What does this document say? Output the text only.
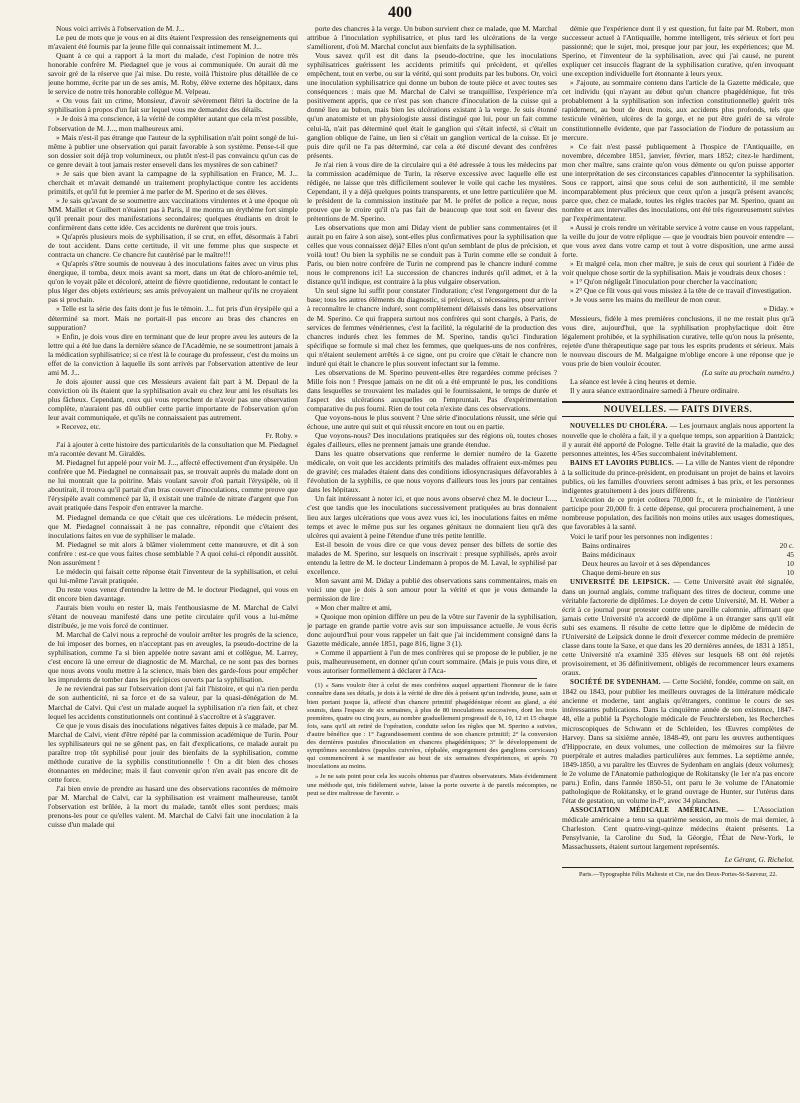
400

Nous voici arrivés à l'observation de M. J...

Le peu de mots que je vous en ai dits étaient l'expression des renseignements qui m'avaient été fournis par la jeune fille qui connaissait intimement M. J...

Quant à ce qui a rapport à la mort du malade, c'est l'opinion de notre très honorable confrère M. Piedagnel que je vous ai communiquée. On aurait dû me savoir gré de la réserve que j'ai mise. Du reste, voilà l'histoire plus détaillée de ce jeune homme, écrite par un de ses amis, M. Roby, élève externe des hôpitaux, dans le service de notre très honorable collègue M. Velpeau.

« On vous fait un crime, Monsieur, d'avoir sévèrement flétri la doctrine de la syphilisation à propos d'un fait sur lequel vous me demandez des détails.

» Je dois à ma conscience, à la vérité de compléter autant que cela m'est possible, l'observation de M. J..., mon malheureux ami.

» Mais n'est-il pas étrange que l'auteur de la syphilisation n'ait point songé de lui-même à publier une observation qui parait favorable à son système. Pense-t-il que son dossier soit déjà trop volumineux, ou plutôt n'est-il pas convaincu qu'un cas de ce genre devait à tout jamais rester enseveli dans les mystères de son cabinet?

» Je sais que bien avant la campagne de la syphilisation en France, M. J... cherchait et m'avait demandé un traitement prophylactique contre les accidents primitifs, et qu'il fut le premier à me parler de M. Sperino et de ses élèves.

» Je sais qu'avant de se soumettre aux vaccinations virulentes et à une époque où MM. Maillet et Guilbert n'étaient pas à Paris, il me montra un érythème fort simple qu'il prenait pour des manifestations secondaires; quelques étudiants en droit le confirmèrent dans cette idée. Ces accidents ne durèrent que trois jours.

» Qu'après plusieurs mois de syphilisation, il se crut, en effet, désormais à l'abri de tout accident. Dans cette certitude, il vit une femme plus que suspecte et contracta un chancre. Ce chancre fut cautérisé par le maître!!!

« Qu'après s'être soumis de nouveau à des inoculations faites avec un virus plus énergique, il tomba, deux mois avant sa mort, dans un état de chloro-anémie tel, qu'on le voyait pâle et décoloré, atteint de fièvre quotidienne, redoutant le contact le plus léger des objets extérieurs; ses amis prévoyaient un malheur qu'ils ne croyaient pas si prochain.

» Telle est la série des faits dont je fus le témoin. J... fut pris d'un érysipèle qui a déterminé sa mort. Mais ne portait-il pas encore au bras des chancres en suppuration?

» Enfin, je dois vous dire en terminant que de leur propre aveu les auteurs de la lettre qui a été lue dans la dernière séance de l'Académie, ne se soumettront jamais à la médication syphilisatrice; si ce n'est là le courage du professeur, c'est du moins un effet de la conviction à laquelle ils sont arrivés par l'observation attentive de leur ami M. J...

Je dois ajouter aussi que ces Messieurs avaient fait part à M. Depaul de la conviction où ils étaient que la syphilisation avait eu chez leur ami les résultats les plus fâcheux. Cependant, ceux qui vous reprochent de n'avoir pas une observation complète, n'auraient pas dû oublier cette partie importante de l'observation qu'on leur avait communiquée, et qu'ils ne connaissaient pas autrement.

» Recevez, etc.

Fr. Roby. »

J'ai à ajouter à cette histoire des particularités de la consultation que M. Piedagnel m'a racontée devant M. Giraldès.

M. Piedagnel fut appelé pour voir M. J..., affecté effectivement d'un érysipèle. Un confrère que M. Piedagnel ne connaissait pas, se trouvait auprès du malade dont on ne lui montrait que la poitrine. Mais voulant savoir d'où partait l'érysipèle, où il aboutirait, il trouva qu'il partait d'un bras couvert d'inoculations, comme preuve que l'érysipèle avait commencé par là, il existait une traînée de nitrate d'argent que l'on avait pratiquée dans l'espoir d'en entraver la marche.

M. Piedagnel demanda ce que c'était que ces ulcérations. Le médecin présent, que M. Piedagnel connaissait à ne pas connaître, répondit que c'étaient des inoculations faites en vue de syphiliser le malade.

M. Piedagnel se mit alors à blâmer violemment cette manœuvre, et dit à son confrère : est-ce que vous faites chose semblable ? A quoi celui-ci répondit aussitôt. Non assurément !

Le médecin qui faisait cette réponse était l'inventeur de la syphilisation, et celui qui lui-même l'avait pratiquée.

Du reste vous venez d'entendre la lettre de M. le docteur Piedagnel, qui vous en dit encore bien davantage.

J'aurais bien voulu en rester là, mais l'enthousiasme de M. Marchal de Calvi s'étant de nouveau manifesté dans une petite circulaire qu'il vous a lui-même distribuée, je me vois forcé de continuer.

M. Marchal de Calvi nous a reproché de vouloir arrêter les progrès de la science, de lui imposer des bornes, en n'acceptant pas en aveugles, la pseudo-doctrine de la syphilisation, comme l'a si bien appelée notre savant ami et collègue, M. Larrey, c'est encore là une erreur de diagnostic de M. Marchal, ce ne sont pas des bornes que nous avons voulu mettre à la science, mais bien des garde-fous pour empêcher les imprudents de tomber dans les précipices ouverts par la syphilisation.

Je ne reviendrai pas sur l'observation dont j'ai fait l'histoire, et qui n'a rien perdu de son authenticité, ni sa force et de sa valeur, par la quasi-dénégation de M. Marchal de Calvi. Qui c'est un malade auquel la syphilisation n'a rien fait, et chez lequel les accidents constitutionnels ont continué à s'accroître et à s'aggraver.

Ce que je vous disais des inoculations négatives faites depuis à ce malade, par M. Marchal de Calvi, vient d'être répété par la commission académique de Turin. Pour les syphilisateurs qui ne se gênent pas, en fait d'explications, ce malade aurait pu paraître trop tôt syphilisé pour jouir des bienfaits de la syphilisation, comme méthode curative de la syphilis constitutionnelle ! On a dit bien des choses étonnantes en médecine; mais il faut convenir qu'on n'en avait pas encore dit de cette force.

J'ai bien envie de prendre au hasard une des observations racontées de mémoire par M. Marchal de Calvi, car la syphilisation est vraiment malheureuse, tantôt l'observation est brûlée, à la mort du malade, tantôt elles sont perdues; mais prenons-les pour ce qu'elles valent. M. Marchal de Calvi fait une inoculation à la cuisse d'un malade qui

porte des chancres à la verge. Un bubon survient chez ce malade, que M. Marchal attribue à l'inoculation syphilisatrice, et plus tard les ulcérations de la verge s'améliorent, d'où M. Marchal conclut aux bienfaits de la syphilisation.

Vous savez qu'il est dit dans la pseudo-doctrine, que les inoculations syphilisatrices guérissent les accidents primitifs qui précèdent, et qu'elles empêchent, tout en verbe, ou sur la vérité, qui sont produits par les bubons. Or, voici une inoculation syphilisatrice qui donne un bubon de toute pièce et avec toutes ses conséquences : mais que M. Marchal de Calvi se tranquillise, l'expérience m'a positivement appris, que ce n'est pas son chancre d'inoculation de la cuisse qui a donné lieu au bubon, mais bien les ulcérations existant à la verge. Je suis étonné qu'un anatomiste et un physiologiste aussi distingué que lui, pour un fait comme celui-là, n'ait pas déterminé quel était le ganglion qui s'était infecté, si c'était un ganglion oblique de l'aine, un lien si c'était un ganglion vertical de la cuisse. Et je puis dire qu'il ne l'a pas déterminé, car cela a été discuté devant des confrères présents.

Je n'ai rien à vous dire de la circulaire qui a été adressée à tous les médecins par la commission académique de Turin, la réserve excessive avec laquelle elle est rédigée, ne laisse que très difficilement soulever le voile qui cache les mystères. Cependant, il y a déjà quelques points transparents, et une lettre particulière que M. le président de la commission instituée par M. le préfet de police a reçue, nous prouve que le croire qu'il n'a pas fait de beaucoup que tout soit en faveur des prétentions de M. Sperino.

Les observations que mon ami Diday vient de publier sans commentaires (et il aurait pu en faire à son aise), sont-elles plus confirmatives pour la syphilisation que celles que vous connaissez déjà? Elles n'ont qu'un semblant de plus de précision, et voilà tout! Ou bien la syphilis ne se conduit pas à Turin comme elle se conduit à Paris, ou bien notre confrère de Turin ne comprend pas le chancre induré comme nous le comprenons ici! La succession de chancres indurés qu'il admet, et à la distance qu'il indique, est contraire à la plus vulgaire observation.

Un seul signe lui suffit pour constater l'induration; c'est l'engorgement dur de la base; tous les autres éléments du diagnostic, si précieux, si nécessaires, pour arriver à reconnaître le chancre induré, sont complètement délaissés dans les observations de M. Sperino. Ce qui frappera surtout nos confrères qui sont chargés, à Paris, de services de femmes vénériennes, c'est la facilité, la régularité de la production des chancres indurés chez les femmes de M. Sperino, tandis qu'ici l'induration spécifique se formule si mal chez les femmes, que quelques-uns de nos confrères, qui n'étaient seulement arrêtés à ce signe, ont pu croire que c'était le chancre non induré qui était le chancre le plus souvent infectant sur la femme.

Les observations de M. Sperino peuvent-elles être regardées comme précises ? Mille fois non ! Presque jamais on ne dit où a été emprunté le pus, les conditions dans lesquelles se trouvaient les malades qui le fournissaient, le temps de durée et l'aspect des ulcérations auxquelles on l'empruntait. Pas d'expérimentation comparative du pus fourni. Rien de tout cela n'existe dans ces observations.

Que voyons-nous le plus souvent ? Une série d'inoculations réussit, une série qui échoue, une autre qui suit et qui réussit encore en tout ou en partie.

Que voyons-nous? Des inoculations pratiquées sur des régions où, toutes choses égales d'ailleurs, elles ne prennent jamais une grande étendue.

Dans les quatre observations que renferme le dernier numéro de la Gazette médicale, on voit que les accidents primitifs des malades offraient eux-mêmes peu de gravité; ces malades étaient dans des conditions idiosyncrasiques défavorables à l'évolution de la syphilis, ce que nous voyons d'ailleurs tous les jours par centaines dans les hôpitaux.

Un fait intéressant à noter ici, et que nous avons observé chez M. le docteur L..., c'est que tandis que les inoculations successivement pratiquées au bras donnaient lieu aux larges ulcérations que vous avez vues ici, les inoculations faites en même temps et avec le même pus sur les organes génitaux ne donnaient lieu qu'à des ulcères qui avaient à peine l'étendue d'une très petite lentille.

Est-il besoin de vous dire ce que vous devez penser des billets de sortie des malades de M. Sperino, sur lesquels on inscrivait : presque syphilisés, après avoir entendu la lettre de M. le docteur Lindemann à propos de M. Laval, le syphilisé par excellence.

Mon savant ami M. Diday a publié des observations sans commentaires, mais en voici une que je dois à son amour pour la vérité et que je vous demande la permission de lire :

« Mon cher maître et ami,

» Quoique mon opinion diffère un peu de la vôtre sur l'avenir de la syphilisation, je partage en grande partie votre avis sur son impuissance actuelle. Je vous écris donc aujourd'hui pour vous rappeler un fait que j'ai incidemment consigné dans la Gazette médicale, année 1851, page 816, ligne 3 (1).

» Comme il appartient à l'un de mes confrères qui se propose de le publier, je ne puis, malheureusement, en donner qu'un court sommaire. (Mais je puis vous dire, et vous autoriser formellement à déclarer à l'Aca-

(1) « Sans vouloir ôter à celui de mes confrères auquel appartient l'honneur de le faire connaître dans ses détails, je dois à la vérité de dire dès à présent qu'un individu, jeune, sain et bien portant jusque là, affecté d'un chancre primitif phagédénique récent au gland, a été soumis, dans l'espace de six semaines, à plus de 80 inoculations successives, dont les trois premières, quatre ou cinq jours, au nombre graduellement progressif de 6, 10, 12 et 15 chaque fois, sans qu'il ait retiré de l'opération, conduite selon les règles que M. Sperino a suivies, d'autre bénéfice que : 1° l'agrandissement continu de son chancre primitif; 2° la conversion des dernières pustules d'inoculation en chancres phagédéniques; 3° le développement de symptômes secondaires (papules cuivrées, céphalée, engorgement des ganglions cervicaux) qui commencèrent à se manifester au bout de six semaines d'expériences, et après 70 inoculations au moins.

» Je ne sais point pour cela les succès obtenus par d'autres observateurs. Mais évidemment une méthode qui, très fidèlement suivie, laisse la porte ouverte à de pareils mécomptes, ne peut se dire maîtresse de l'avenir. »

démie que l'expérience dont il y est question, fut faite par M. Robert, mon successeur actuel à l'Antiquaille, homme intelligent, très sérieux et fort peu passionné; que le sujet, moi, presque jour par jour, les expériences; que M. Sperino, et l'inventeur de la syphilisation, avec qui j'ai causé, ne purent expliquer cet insuccès flagrant de la syphilisation curative, qu'en invoquant une exception individuelle fort étonnante à leurs yeux.

» J'ajoute, au sommaire contenu dans l'article de la Gazette médicale, que cet individu (qui n'ayant au début qu'un chancre phagédénique, fut très probablement à la syphilisation son infection constitutionnelle) guérit très rapidement, au bout de deux mois, aux accidents plus profonds, tels que testicule vénérien, ulcères de la gorge, et ne put être guéri de sa vérole constitutionnelle évidente, que par l'association de l'iodure de potassium au mercure.

» Ce fait n'est passé publiquement à l'hospice de l'Antiquaille, en novembre, décembre 1851, janvier, février, mars 1852; citez-le hardiment, mon cher maître, sans crainte qu'on vous démente ou qu'on puisse apporter une interprétation de ses circonstances capables d'innocenter la syphilisation. Sous ce rapport, ainsi que sous celui de son authenticité, il me semble incomparablement plus précieux que ceux qu'on a jusqu'à présent avancés; parce que, chez ce malade, toutes les règles tracées par M. Sperino, quant au nombre et aux intervalles des inoculations, ont été très rigoureusement suivies par l'expérimentateur.

» Aussi je crois rendre un véritable service à votre cause en vous rappelant, la veille du jour de votre réplique — que je voudrais bien pouvoir entendre — que vous avez dans votre camp et tout à votre disposition, une arme aussi forte.

» Et malgré cela, mon cher maître, je suis de ceux qui sourient à l'idée de voir quelque chose sortir de la syphilisation. Mais je voudrais deux choses :

» 1° Qu'on négligeât l'inoculation pour chercher la vaccination;

» 2° Que ce fût vous qui vous missiez à la tête de ce travail d'investigation.

» Je vous serre les mains du meilleur de mon cœur.

» Diday. »

Messieurs, fidèle à mes premières conclusions, il ne me restait plus qu'à vous dire, aujourd'hui, que la syphilisation prophylactique doit être légalement prohibée, et la syphilisation curative, telle qu'on nous la présente, rejetée d'une thérapeutique sage par tous les esprits prudents et sérieux. Mais le nouveau discours de M. Malgaigne m'oblige encore à une réponse que je vous prie de bien vouloir écouter.

(La suite au prochain numéro.)

La séance est levée à cinq heures et demie.

Il y aura séance extraordinaire samedi à l'heure ordinaire.

NOUVELLES. — FAITS DIVERS.

NOUVELLES DU CHOLÉRA. — Les journaux anglais nous apportent la nouvelle que le choléra a fait, il y a quelque temps, son apparition à Dantzick; il y aurait été apporté de Pologne. Telle était la gravité de la maladie, que des personnes atteintes, les 4/5es succombaient inévitablement.

BAINS ET LAVOIRS PUBLICS. — La ville de Nantes vient de répondre à la sollicitude du prince-président, en produisant un projet de bains et lavoirs publics, où les familles d'ouvriers seront admises à bas prix, et les personnes indigentes gratuitement à des jours différents.

L'exécution de ce projet coûtera 70,000 fr., et le ministère de l'intérieur participe pour 20,000 fr. à cette dépense, qui procurera prochainement, à une nombreuse population, des facilités non moins utiles aux usages domestiques, que favorables à la santé.

Voici le tarif pour les personnes non indigentes :

Bains ordinaires	20 c.

Bains médicinaux	45

Deux heures au lavoir et à ses dépendances	10

Chaque demi-heure en sus	10

UNIVERSITÉ DE LEIPSICK. — Cette Université avait été signalée, dans un journal anglais, comme trafiquant des titres de docteur, comme une véritable factorerie de diplômes. Le doyen de cette Université, M. H. Weber a écrit à ce journal pour protester contre une pareille calomnie, affirmant que jamais cette Université n'a accordé de diplôme à un étranger sans qu'il eût subi ses examens. Il résulte de cette lettre que le diplôme de médecin de l'Université de Leipsick donne le droit d'exercer comme médecin de première classe dans toute la Saxe, et que dans les 20 dernières années, de 1831 à 1851, cette Université n'a examiné 335 élèves sur lesquels 68 ont été rejetés provisoirement, et 36 définitivement, obligés de recommencer leurs examens oraux.

SOCIÉTÉ DE SYDENHAM. — Cette Société, fondée, comme on sait, en 1842 ou 1843, pour publier les meilleurs ouvrages de la littérature médicale ancienne et moderne, tant anglais qu'étrangers, continue le cours de ses intéressantes publications. Dans la cinquième année de son existence, 1847-48, elle a publié la Psychologie médicale de Feuchtersleben, les Recherches microscopiques de Schwann et de Schleiden, les Œuvres complètes de Harvey. Dans sa sixième année, 1848-49, ont paru les œuvres authentiques d'Hippocrate, en deux volumes, une collection de mémoires sur la fièvre puerpérale et autres maladies particulières aux femmes. La septième année, 1849-1850, a vu paraître les Œuvres de Sydenham en anglais (deux volumes); le 2e volume de l'Anatomie pathologique de Rokitansky (le 1er n'a pas encore paru.) Enfin, dans l'année 1850-51, ont paru le 3e volume de l'Anatomie pathologique de Rokitansky, et le grand ouvrage de Hunter, sur l'utérus dans l'état de gestation, un volume in-f°, avec 34 planches.

ASSOCIATION MÉDICALE AMÉRICAINE. — L'Association médicale américaine a tenu sa quatrième session, au mois de mai dernier, à Charleston. Cent quatre-vingt-quinze médecins étaient présents. La Pensylvanie, la Caroline du Sud, la Géorgie, l'État de New-York, le Massachussets, étaient surtout largement représentés.

Le Gérant, G. Richelot.
Paris.—Typographie Félix Malteste et Cie, rue des Deux-Portes-St-Sauveur, 22.
